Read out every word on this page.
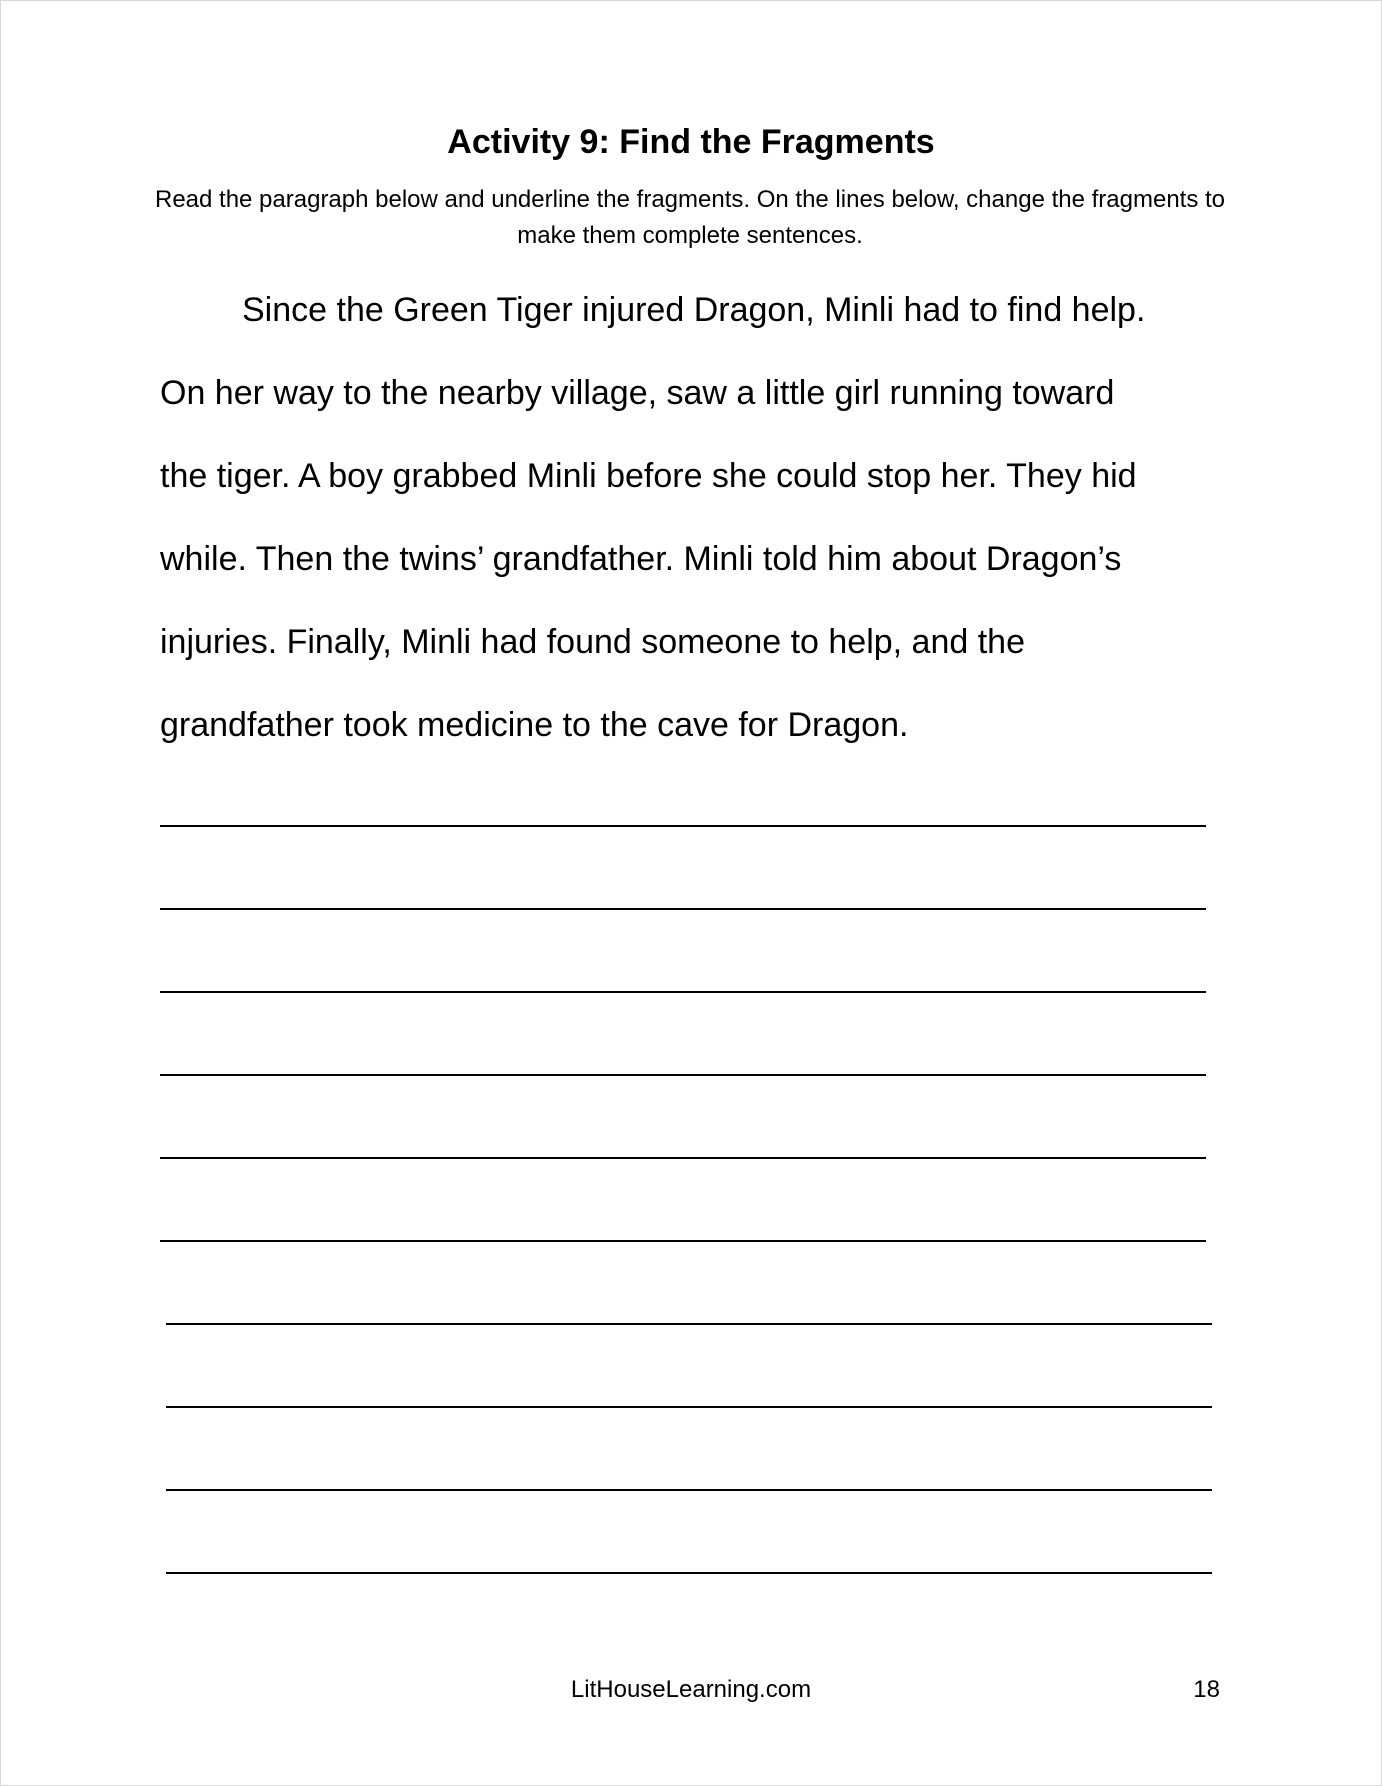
Activity 9: Find the Fragments

Read the paragraph below and underline the fragments. On the lines below, change the fragments to make them complete sentences.

Since the Green Tiger injured Dragon, Minli had to find help.
On her way to the nearby village, saw a little girl running toward
the tiger. A boy grabbed Minli before she could stop her. They hid
while. Then the twins’ grandfather. Minli told him about Dragon’s
injuries. Finally, Minli had found someone to help, and the
grandfather took medicine to the cave for Dragon.
LitHouseLearning.com	18
